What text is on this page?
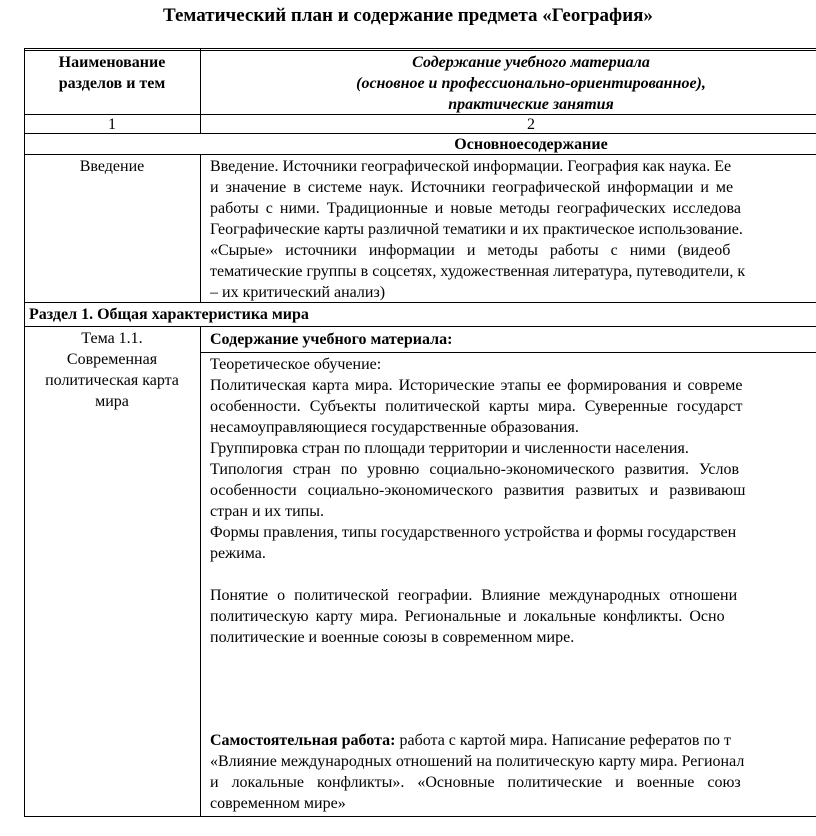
Тематический план и содержание предмета «География»
Наименование
разделов и тем
Содержание учебного материала
(основное и профессионально-ориентированное),
практические занятия
1	2
Основноесодержание
Введение	Введение. Источники географической информации. География как наука. Ее
и значение в системе наук. Источники географической информации и ме
работы с ними. Традиционные и новые методы географических исследова
Географические карты различной тематики и их практическое использование.
«Сырые» источники информации и методы работы с ними (видеоб
тематические группы в соцсетях, художественная литература, путеводители, к
– их критический анализ)
Раздел 1. Общая характеристика мира
Тема 1.1.
Современная
политическая карта
мира
Содержание учебного материала:
Теоретическое обучение:
Политическая карта мира. Исторические этапы ее формирования и совреме
особенности. Субъекты политической карты мира. Суверенные государст
несамоуправляющиеся государственные образования.
Группировка стран по площади территории и численности населения.
Типология стран по уровню социально-экономического развития. Услов
особенности социально-экономического развития развитых и развиваюш
стран и их типы.
Формы правления, типы государственного устройства и формы государствен
режима.
Понятие о политической географии. Влияние международных отношени
политическую карту мира. Региональные и локальные конфликты. Осно
политические и военные союзы в современном мире.
Самостоятельная работа: работа с картой мира. Написание рефератов по т
«Влияние международных отношений на политическую карту мира. Регионал
и локальные конфликты». «Основные политические и военные союз
современном мире»
